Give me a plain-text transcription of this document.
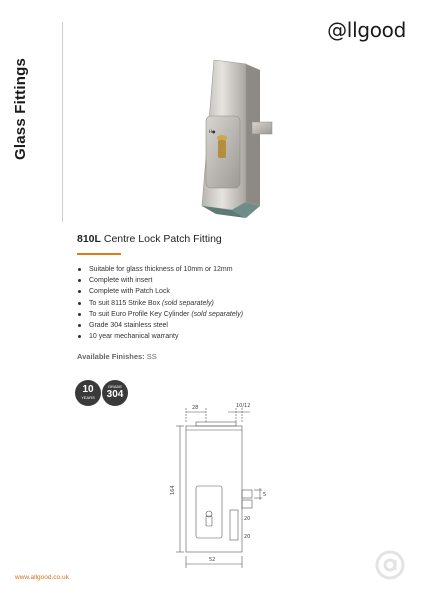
Glass Fittings
@llgood
H●
810L Centre Lock Patch Fitting
Suitable for glass thickness of 10mm or 12mm
Complete with insert
Complete with Patch Lock
To suit 8115 Strike Box (sold separately)
To suit Euro Profile Key Cylinder (sold separately)
Grade 304 stainless steel
10 year mechanical warranty
Available Finishes: SS
10
YEARS
GRADE
304
28	10/12
164	5
20
20
52
www.allgood.co.uk
